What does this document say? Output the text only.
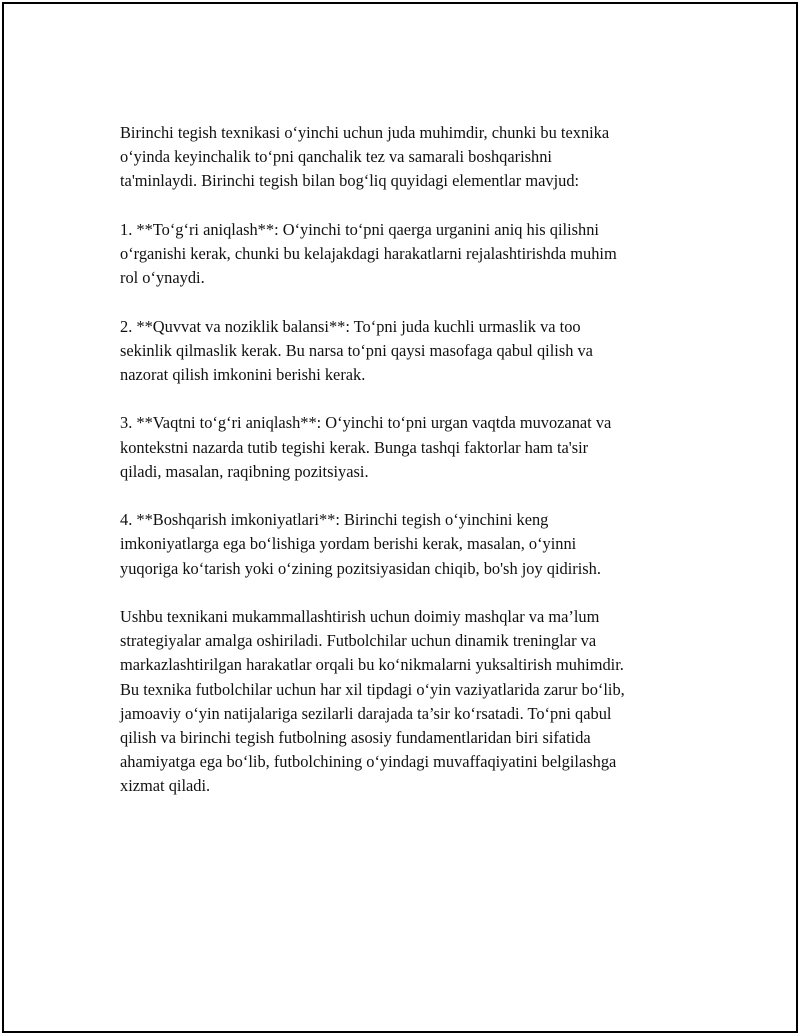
Birinchi tegish texnikasi o‘yinchi uchun juda muhimdir, chunki bu texnika
o‘yinda keyinchalik to‘pni qanchalik tez va samarali boshqarishni
ta'minlaydi. Birinchi tegish bilan bog‘liq quyidagi elementlar mavjud:

1. **To‘g‘ri aniqlash**: O‘yinchi to‘pni qaerga urganini aniq his qilishni
o‘rganishi kerak, chunki bu kelajakdagi harakatlarni rejalashtirishda muhim
rol o‘ynaydi.

2. **Quvvat va noziklik balansi**: To‘pni juda kuchli urmaslik va too
sekinlik qilmaslik kerak. Bu narsa to‘pni qaysi masofaga qabul qilish va
nazorat qilish imkonini berishi kerak.

3. **Vaqtni to‘g‘ri aniqlash**: O‘yinchi to‘pni urgan vaqtda muvozanat va
kontekstni nazarda tutib tegishi kerak. Bunga tashqi faktorlar ham ta'sir
qiladi, masalan, raqibning pozitsiyasi.

4. **Boshqarish imkoniyatlari**: Birinchi tegish o‘yinchini keng
imkoniyatlarga ega bo‘lishiga yordam berishi kerak, masalan, o‘yinni
yuqoriga ko‘tarish yoki o‘zining pozitsiyasidan chiqib, bo'sh joy qidirish.

Ushbu texnikani mukammallashtirish uchun doimiy mashqlar va ma’lum
strategiyalar amalga oshiriladi. Futbolchilar uchun dinamik treninglar va
markazlashtirilgan harakatlar orqali bu ko‘nikmalarni yuksaltirish muhimdir.
Bu texnika futbolchilar uchun har xil tipdagi o‘yin vaziyatlarida zarur bo‘lib,
jamoaviy o‘yin natijalariga sezilarli darajada ta’sir ko‘rsatadi. To‘pni qabul
qilish va birinchi tegish futbolning asosiy fundamentlaridan biri sifatida
ahamiyatga ega bo‘lib, futbolchining o‘yindagi muvaffaqiyatini belgilashga
xizmat qiladi.
